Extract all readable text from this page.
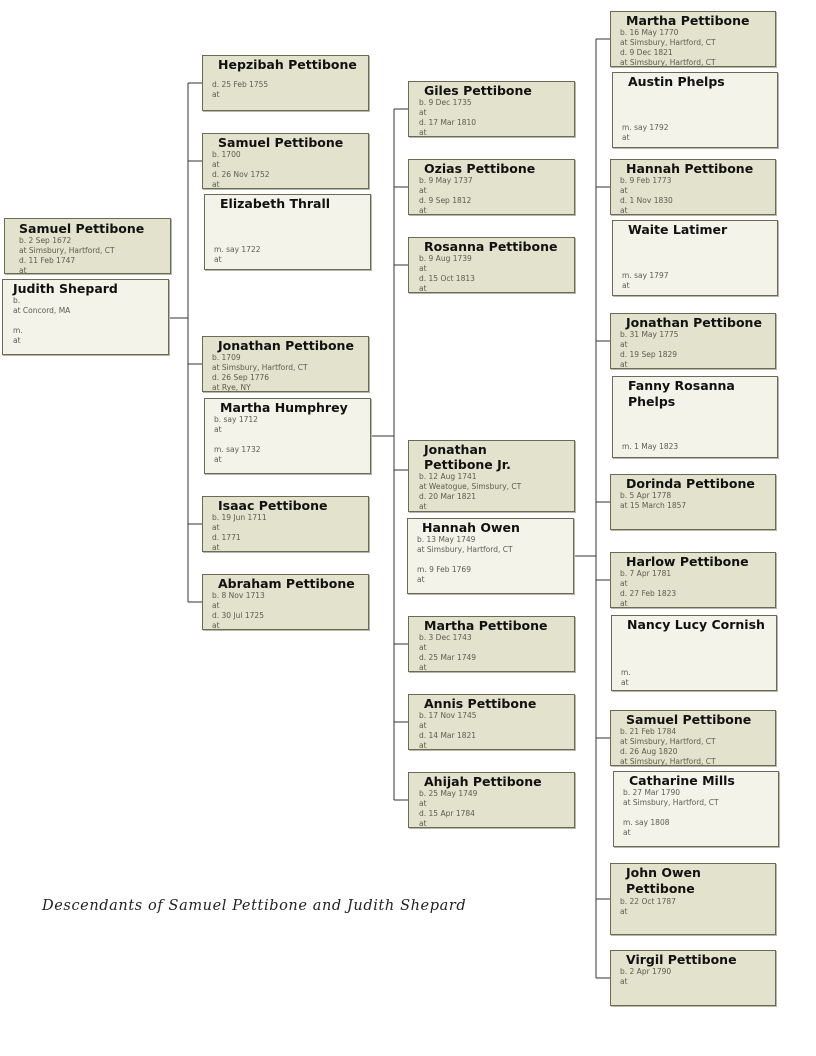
Samuel Pettibone
b. 2 Sep 1672
at Simsbury, Hartford, CT
d. 11 Feb 1747
at
Judith Shepard
b.
at Concord, MA
m.
at
Hepzibah Pettibone
d. 25 Feb 1755
at
Samuel Pettibone
b. 1700
at
d. 26 Nov 1752
at
Elizabeth Thrall
m. say 1722
at
Jonathan Pettibone
b. 1709
at Simsbury, Hartford, CT
d. 26 Sep 1776
at Rye, NY
Martha Humphrey
b. say 1712
at
m. say 1732
at
Isaac Pettibone
b. 19 Jun 1711
at
d. 1771
at
Abraham Pettibone
b. 8 Nov 1713
at
d. 30 Jul 1725
at
Giles Pettibone
b. 9 Dec 1735
at
d. 17 Mar 1810
at
Ozias Pettibone
b. 9 May 1737
at
d. 9 Sep 1812
at
Rosanna Pettibone
b. 9 Aug 1739
at
d. 15 Oct 1813
at
Jonathan Pettibone Jr.
b. 12 Aug 1741
at Weatogue, Simsbury, CT
d. 20 Mar 1821
at
Hannah Owen
b. 13 May 1749
at Simsbury, Hartford, CT
m. 9 Feb 1769
at
Martha Pettibone
b. 3 Dec 1743
at
d. 25 Mar 1749
at
Annis Pettibone
b. 17 Nov 1745
at
d. 14 Mar 1821
at
Ahijah Pettibone
b. 25 May 1749
at
d. 15 Apr 1784
at
Martha Pettibone
b. 16 May 1770
at Simsbury, Hartford, CT
d. 9 Dec 1821
at Simsbury, Hartford, CT
Austin Phelps
m. say 1792
at
Hannah Pettibone
b. 9 Feb 1773
at
d. 1 Nov 1830
at
Waite Latimer
m. say 1797
at
Jonathan Pettibone
b. 31 May 1775
at
d. 19 Sep 1829
at
Fanny Rosanna Phelps
m. 1 May 1823
Dorinda Pettibone
b. 5 Apr 1778
at 15 March 1857
Harlow Pettibone
b. 7 Apr 1781
at
d. 27 Feb 1823
at
Nancy Lucy Cornish
m.
at
Samuel Pettibone
b. 21 Feb 1784
at Simsbury, Hartford, CT
d. 26 Aug 1820
at Simsbury, Hartford, CT
Catharine Mills
b. 27 Mar 1790
at Simsbury, Hartford, CT
m. say 1808
at
John Owen Pettibone
b. 22 Oct 1787
at
Virgil Pettibone
b. 2 Apr 1790
at
Descendants of Samuel Pettibone and Judith Shepard
